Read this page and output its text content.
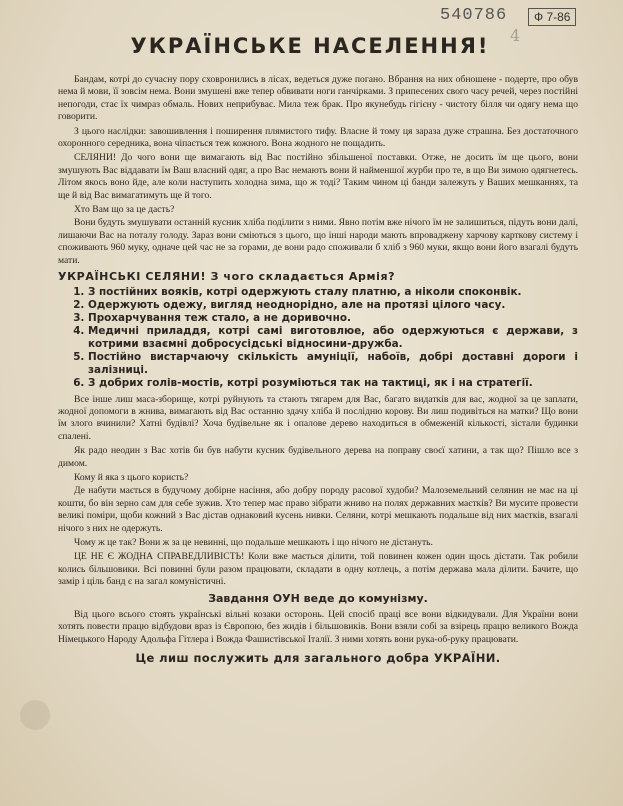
540786	Ф 7-86
4
УКРАЇНСЬКЕ НАСЕЛЕННЯ!

Бандам, котрі до сучасну пору сховронились в лісах, ведеться дуже погано. Вбрання на них обношене - подерте, про обув нема й мови, її зовсім нема. Вони змушені вже тепер обвивати ноги ганчірками. З припесених свого часу речей, через постійні непогоди, стає їх чимраз обмаль. Нових неприбуває. Мила теж брак. Про якунебудь гігієну - чистоту білля чи одягу нема що говорити.

З цього наслідки: завошивлення і поширення плямистого тифу. Власне й тому ця зараза дуже страшна. Без достаточного охоронного середника, вона чіпається теж кожного. Вона жодного не пощадить.

СЕЛЯНИ! До чого вони ще вимагають від Вас постійно збільшеної поставки. Отже, не досить їм ще цього, вони змушують Вас віддавати їм Ваш власний одяг, а про Вас немають вони й найменшої журби про те, в що Ви зимою одягнетесь. Літом якось воно йде, але коли наступить холодна зима, що ж тоді? Таким чином ці банди залежуть у Ваших мешканнях, та ще й від Вас вимагатимуть ще й того.

Хто Вам що за це дасть?

Вони будуть змушувати останній кусник хліба поділити з ними. Явно потім вже нічого їм не залишиться, підуть вони далі, лишаючи Вас на поталу голоду. Зараз вони сміються з цього, що інші народи мають впроваджену харчову карткову систему і споживають 960 муку, одначе цей час не за горами, де вони радо споживали б хліб з 960 муки, якщо вони його взагалі будуть мати.

УКРАЇНСЬКІ СЕЛЯНИ! З чого складається Армія?

1. З постійних вояків, котрі одержують сталу платню, а ніколи споконвік.
2. Одержують одежу, вигляд неоднорідно, але на протязі цілого часу.
3. Прохарчування теж стало, а не доривочно.
4. Медичні приладдя, котрі самі виготовлюе, або одержуються є держави, з котрими взаємні добросусідські відносини-дружба.
5. Постійно вистарчаючу скількість амуніції, набоїв, добрі доставні дороги і залізниці.
6. З добрих голів-мостів, котрі розуміються так на тактиці, як і на стратегії.

Все інше лиш маса-зборище, котрі руйнують та стають тягарем для Вас, багато видатків для вас, жодної за це заплати, жодної допомоги в жнива, вимагають від Вас останню здачу хліба й послідню корову. Ви лиш подивіться на матки? Що вони їм злого вчинили? Хатні будівлі? Хоча будівельне як і опалове дерево находиться в обмеженій кількості, зістали будинки спалені.

Як радо неодин з Вас хотів би був набути кусник будівельного дерева на поправу своєї хатини, а так що? Пішло все з димом.

Кому й яка з цього користь?

Де набути мається в будучому добірне насіння, або добру породу расової худоби? Малоземельний селянин не має на ці кошти, бо він зерно сам для себе зужив. Хто тепер має право зібрати жниво на полях державних маєтків? Ви мусите провести великі поміри, щоби кожний з Вас дістав однаковий кусень нивки. Селяни, котрі мешкають подальше від них маєтків, взагалі нічого з них не одержуть.

Чому ж це так? Вони ж за це невинні, що подальше мешкають і що нічого не дістануть.

ЦЕ НЕ Є ЖОДНА СПРАВЕДЛИВІСТЬ! Коли вже мається ділити, той повинен кожен один щось дістати. Так робили колись більшовики. Всі повинні були разом працювати, складати в одну котлець, а потім держава мала ділити. Бачите, що замір і ціль банд є на загал комуністичні.

Завдання ОУН веде до комунізму.

Від цього всього стоять українські вільні козаки осторонь. Цей спосіб праці все вони відкидували. Для України вони хотять повести працю відбудови враз із Європою, без жидів і більшовиків. Вони взяли собі за взірець працю великого Вожда Німецького Народу Адольфа Гітлера і Вожда Фашистівської Італії. З ними хотять вони рука-об-руку працювати.

Це лиш послужить для загального добра УКРАЇНИ.
